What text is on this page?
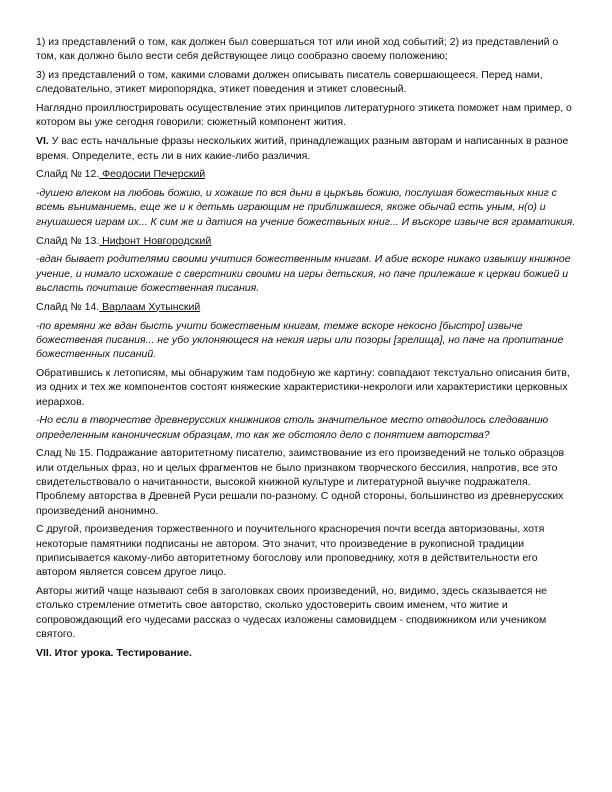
1) из представлений о том, как должен был совершаться тот или иной ход событий; 2) из представлений о том, как должно было вести себя действующее лицо сообразно своему положению;

3) из представлений о том, какими словами должен описывать писатель совершающееся. Перед нами, следовательно, этикет миропорядка, этикет поведения и этикет словесный.

Наглядно проиллюстрировать осуществление этих принципов литературного этикета поможет нам пример, о котором вы уже сегодня говорили: сюжетный компонент жития.

VI. У вас есть начальные фразы нескольких житий, принадлежащих разным авторам и написанных в разное время. Определите, есть ли в них какие-либо различия.

Слайд № 12. Феодосии Печерский

-душею влеком на любовь божию, и хожаше по вся дьни в цьркъвь божию, послушая божествьных книг с всемь въниманиемь, еще же и к детьмь играющим не приближашеся, якоже обычай есть уным, н(о) и гнушашеся играм их... К сим же и датися на учение божествьных книг... И въскоре извыче вся граматикия.

Слайд № 13. Нифонт Новгородский

-вдан бывает родителями своими учитися божественным книгам. И абие вскоре никако извыкшу книжное учение, и нимало исхожаше с сверстники своими на игры детьския, но паче прилежаше к церкви божией и вьсласть почиташе божественная писания.

Слайд № 14. Варлаам Хутынский

-по времяни же вдан бысть учити божественым книгам, темже вскоре некосно [быстро] извыче божественая писания... не убо уклоняющеся на некия игры или позоры [зрелища], но паче на пропитание божественных писаний.

Обратившись к летописям, мы обнаружим там подобную же картину: совпадают текстуально описания битв, из одних и тех же компонентов состоят княжеские характеристики-некрологи или характеристики церковных иерархов.

-Но если в творчестве древнерусских книжников столь значительное место отводилось следованию определенным каноническим образцам, то как же обстояло дело с понятием авторства?

Слад № 15. Подражание авторитетному писателю, заимствование из его произведений не только образцов или отдельных фраз, но и целых фрагментов не было признаком творческого бессилия, напротив, все это свидетельствовало о начитанности, высокой книжной культуре и литературной выучке подражателя. Проблему авторства в Древней Руси решали по-разному. С одной стороны, большинство из древнерусских произведений анонимно.

С другой, произведения торжественного и поучительного красноречия почти всегда авторизованы, хотя некоторые памятники подписаны не автором. Это значит, что произведение в рукописной традиции приписывается какому-либо авторитетному богослову или проповеднику, хотя в действительности его автором является совсем другое лицо.

Авторы житий чаще называют себя в заголовках своих произведений, но, видимо, здесь сказывается не столько стремление отметить свое авторство, сколько удостоверить своим именем, что житие и сопровождающий его чудесами рассказ о чудесах изложены самовидцем - сподвижником или учеником святого.

VII. Итог урока. Тестирование.
